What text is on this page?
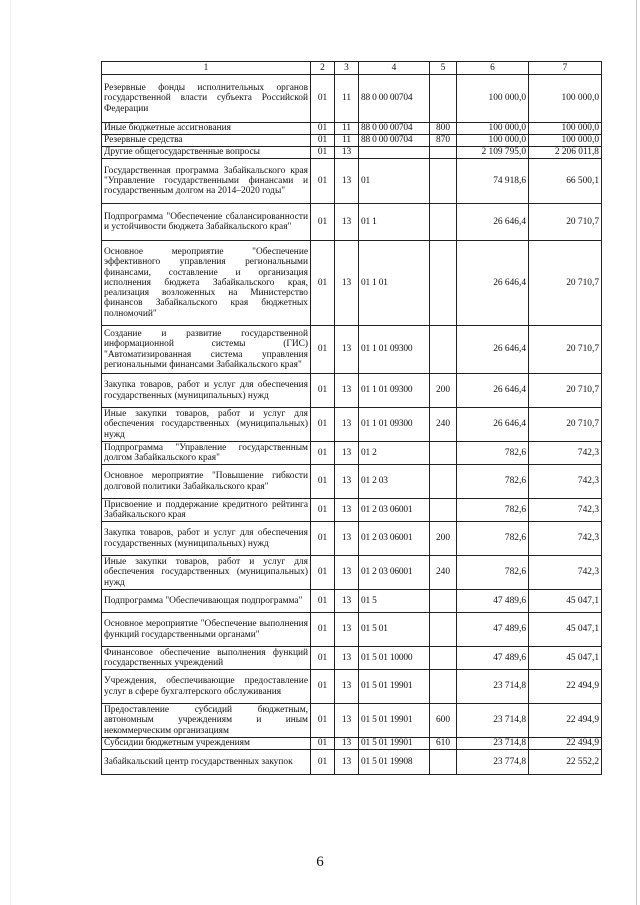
1	2	3	4	5	6	7
Резервные фонды исполнительных органов государственной власти субъекта Российской Федерации	01	11	88 0 00 00704		100 000,0	100 000,0
Иные бюджетные ассигнования	01	11	88 0 00 00704	800	100 000,0	100 000,0
Резервные средства	01	11	88 0 00 00704	870	100 000,0	100 000,0
Другие общегосударственные вопросы	01	13			2 109 795,0	2 206 011,8
Государственная программа Забайкальского края "Управление государственными финансами и государственным долгом на 2014–2020 годы"	01	13	01		74 918,6	66 500,1
Подпрограмма "Обеспечение сбалансированности и устойчивости бюджета Забайкальского края"	01	13	01 1		26 646,4	20 710,7
Основное мероприятие "Обеспечение эффективного управления региональными финансами, составление и организация исполнения бюджета Забайкальского края, реализация возложенных на Министерство финансов Забайкальского края бюджетных полномочий"	01	13	01 1 01		26 646,4	20 710,7
Создание и развитие государственной информационной системы (ГИС) "Автоматизированная система управления региональными финансами Забайкальского края"	01	13	01 1 01 09300		26 646,4	20 710,7
Закупка товаров, работ и услуг для обеспечения государственных (муниципальных) нужд	01	13	01 1 01 09300	200	26 646,4	20 710,7
Иные закупки товаров, работ и услуг для обеспечения государственных (муниципальных) нужд	01	13	01 1 01 09300	240	26 646,4	20 710,7
Подпрограмма "Управление государственным долгом Забайкальского края"	01	13	01 2		782,6	742,3
Основное мероприятие "Повышение гибкости долговой политики Забайкальского края"	01	13	01 2 03		782,6	742,3
Присвоение и поддержание кредитного рейтинга Забайкальского края	01	13	01 2 03 06001		782,6	742,3
Закупка товаров, работ и услуг для обеспечения государственных (муниципальных) нужд	01	13	01 2 03 06001	200	782,6	742,3
Иные закупки товаров, работ и услуг для обеспечения государственных (муниципальных) нужд	01	13	01 2 03 06001	240	782,6	742,3
Подпрограмма "Обеспечивающая подпрограмма"	01	13	01 5		47 489,6	45 047,1
Основное мероприятие "Обеспечение выполнения функций государственными органами"	01	13	01 5 01		47 489,6	45 047,1
Финансовое обеспечение выполнения функций государственных учреждений	01	13	01 5 01 10000		47 489,6	45 047,1
Учреждения, обеспечивающие предоставление услуг в сфере бухгалтерского обслуживания	01	13	01 5 01 19901		23 714,8	22 494,9
Предоставление субсидий бюджетным, автономным учреждениям и иным некоммерческим организациям	01	13	01 5 01 19901	600	23 714,8	22 494,9
Субсидии бюджетным учреждениям	01	13	01 5 01 19901	610	23 714,8	22 494,9
Забайкальский центр государственных закупок	01	13	01 5 01 19908		23 774,8	22 552,2
6
